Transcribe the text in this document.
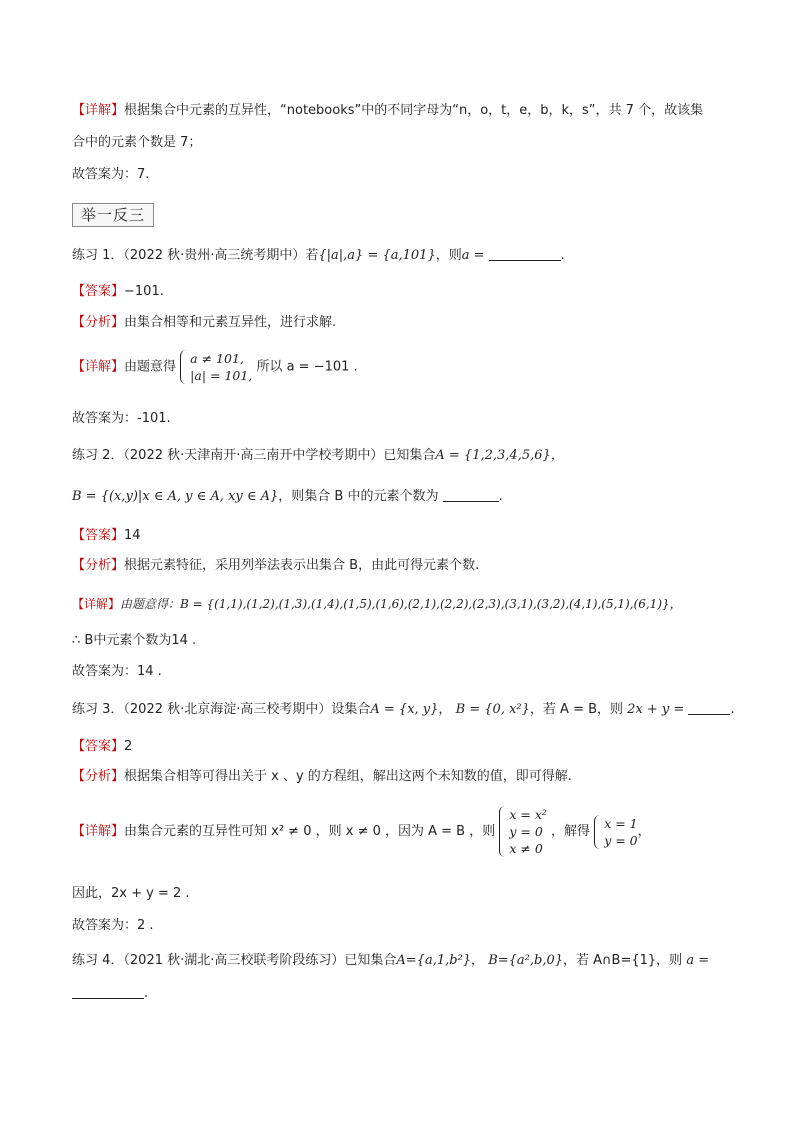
【详解】根据集合中元素的互异性，“notebooks”中的不同字母为“n，o，t，e，b，k，s”，共 7 个，故该集
合中的元素个数是 7；
故答案为：7.
举一反三
练习 1．（2022 秋·贵州·高三统考期中）若{|a|,a} = {a,101}，则a =	.
【答案】−101.
【分析】由集合相等和元素互异性，进行求解.
【详解】由题意得
a ≠ 101,
|a| = 101,
所以 a = −101 .
故答案为：-101.
练习 2．（2022 秋·天津南开·高三南开中学校考期中）已知集合A = {1,2,3,4,5,6}，
B = {(x,y)|x ∈ A, y ∈ A, xy ∈ A}，则集合 B 中的元素个数为	.
【答案】14
【分析】根据元素特征，采用列举法表示出集合 B，由此可得元素个数.
【详解】由题意得：B = {(1,1),(1,2),(1,3),(1,4),(1,5),(1,6),(2,1),(2,2),(2,3),(3,1),(3,2),(4,1),(5,1),(6,1)}，
∴ B中元素个数为14 .
故答案为：14 .
练习 3．（2022 秋·北京海淀·高三校考期中）设集合A = {x, y}， B = {0, x²}，若 A = B，则 2x + y =	.
【答案】2
【分析】根据集合相等可得出关于 x 、y 的方程组，解出这两个未知数的值，即可得解.
【详解】由集合元素的互异性可知 x² ≠ 0 ，则 x ≠ 0 ，因为 A = B ，则
x = x²
y = 0
x ≠ 0
，解得
x = 1
y = 0
，
因此，2x + y = 2 .
故答案为：2 .
练习 4．（2021 秋·湖北·高三校联考阶段练习）已知集合A={a,1,b²}， B={a²,b,0}，若 A∩B={1}，则 a =
.
